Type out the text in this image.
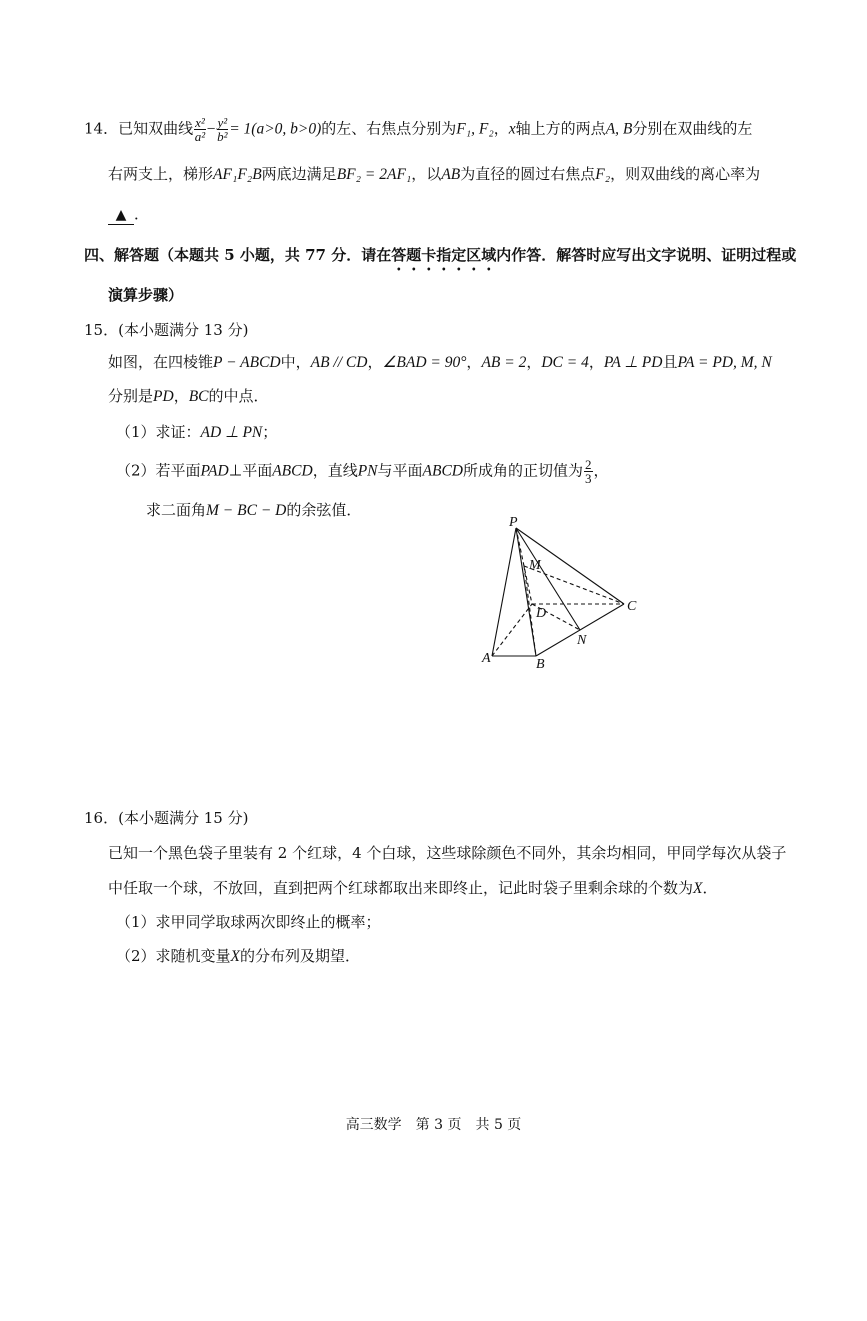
14．已知双曲线 $\frac{\text{x²}}{\text{a²}} - \frac{\text{y²}}{\text{b²}} = 1(a>0$, b>0)的左、右焦点分别为F₁, F₂，x轴上方的两点A, B分别在双曲线的左
右两支上，梯形AF₁F₂B两底边满足BF₂ = 2AF₁，以AB为直径的圆过右焦点F₂，则双曲线的离心率为
▲ ．
四、解答题（本题共 5 小题，共 77 分．请在答题卡指定区域内作答．解答时应写出文字说明、证明过程或
演算步骤）
15．(本小题满分 13 分)
如图，在四棱锥P − ABCD中，AB // CD，∠BAD = 90°，AB = 2，DC = 4，PA ⊥ PD且PA = PD, M, N
分别是PD，BC的中点．
（1）求证：AD ⊥ PN；
（2）若平面PAD⊥平面ABCD，直线PN与平面ABCD所成角的正切值为 $\frac{2}{3}$ ，
求二面角M − BC − D的余弦值．
P
M
D	C
N
A	B
16．(本小题满分 15 分)
已知一个黑色袋子里装有 2 个红球，4 个白球，这些球除颜色不同外，其余均相同，甲同学每次从袋子
中任取一个球，不放回，直到把两个红球都取出来即终止，记此时袋子里剩余球的个数为X．
（1）求甲同学取球两次即终止的概率；
（2）求随机变量X的分布列及期望．
高三数学　第 3 页　共 5 页
